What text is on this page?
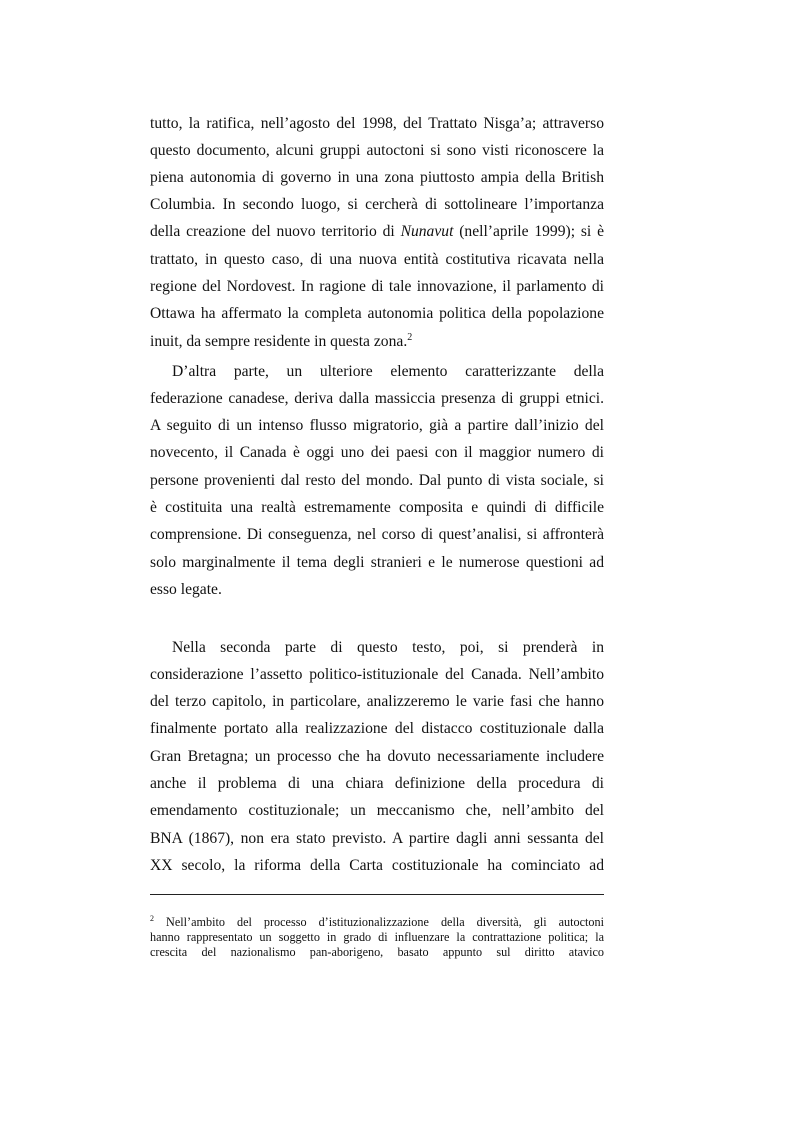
tutto, la ratifica, nell’agosto del 1998, del Trattato Nisga’a; attraverso
questo documento, alcuni gruppi autoctoni si sono visti riconoscere la
piena autonomia di governo in una zona piuttosto ampia della British
Columbia. In secondo luogo, si cercherà di sottolineare l’importanza
della creazione del nuovo territorio di Nunavut (nell’aprile 1999); si è
trattato, in questo caso, di una nuova entità costitutiva ricavata nella
regione del Nordovest. In ragione di tale innovazione, il parlamento di
Ottawa ha affermato la completa autonomia politica della popolazione
inuit, da sempre residente in questa zona.$^2$
D’altra parte, un ulteriore elemento caratterizzante della
federazione canadese, deriva dalla massiccia presenza di gruppi etnici.
A seguito di un intenso flusso migratorio, già a partire dall’inizio del
novecento, il Canada è oggi uno dei paesi con il maggior numero di
persone provenienti dal resto del mondo. Dal punto di vista sociale, si
è costituita una realtà estremamente composita e quindi di difficile
comprensione. Di conseguenza, nel corso di quest’analisi, si affronterà
solo marginalmente il tema degli stranieri e le numerose questioni ad
esso legate.
Nella seconda parte di questo testo, poi, si prenderà in
considerazione l’assetto politico-istituzionale del Canada. Nell’ambito
del terzo capitolo, in particolare, analizzeremo le varie fasi che hanno
finalmente portato alla realizzazione del distacco costituzionale dalla
Gran Bretagna; un processo che ha dovuto necessariamente includere
anche il problema di una chiara definizione della procedura di
emendamento costituzionale; un meccanismo che, nell’ambito del
BNA (1867), non era stato previsto. A partire dagli anni sessanta del
XX secolo, la riforma della Carta costituzionale ha cominciato ad
$^2$ Nell’ambito del processo d’istituzionalizzazione della diversità, gli autoctoni
hanno rappresentato un soggetto in grado di influenzare la contrattazione politica; la
crescita del nazionalismo pan-aborigeno, basato appunto sul diritto atavico
